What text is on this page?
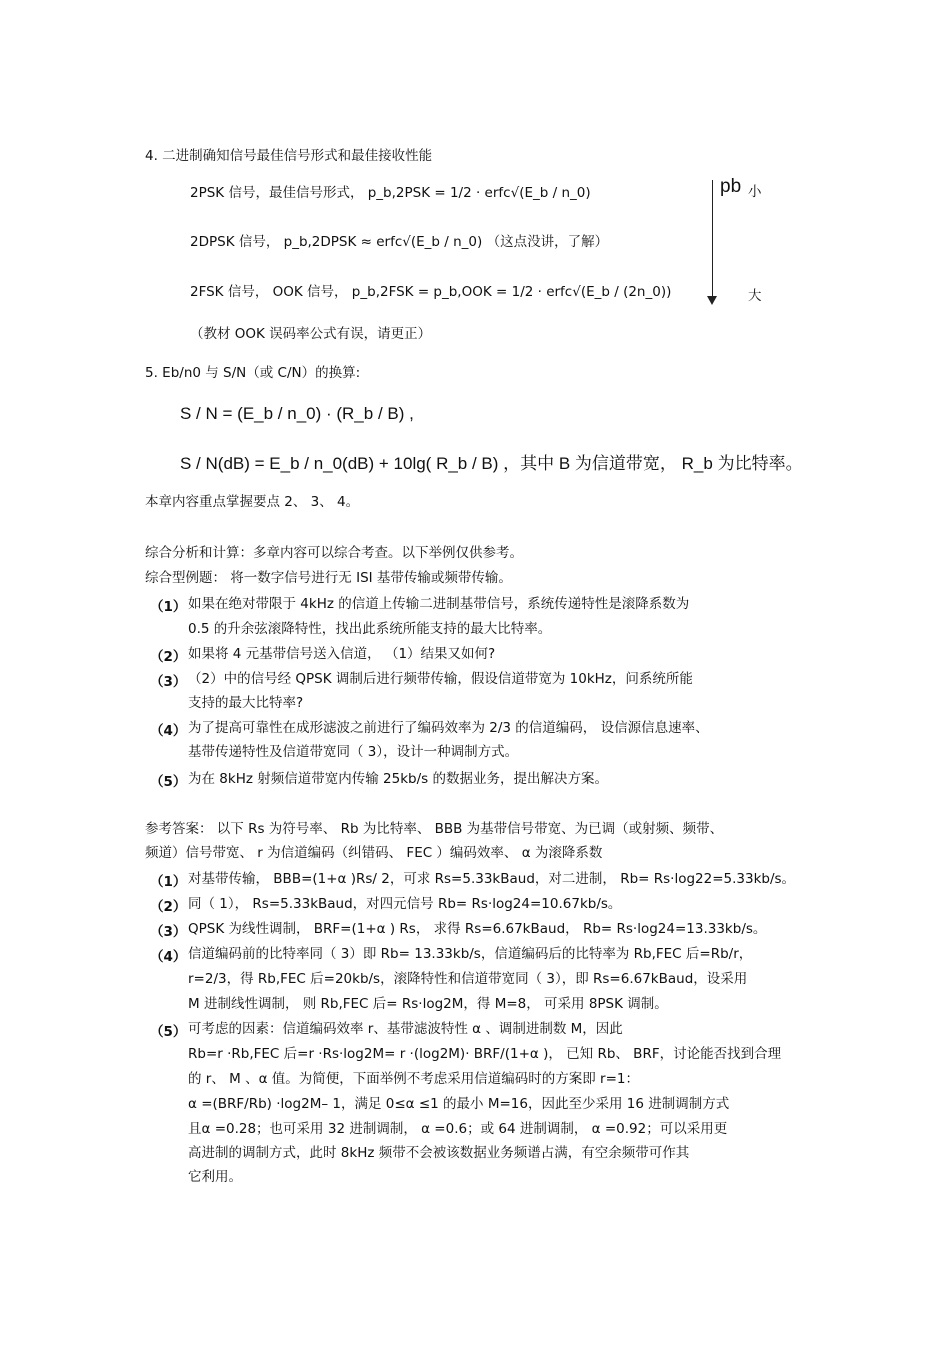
4. 二进制确知信号最佳信号形式和最佳接收性能
2PSK 信号，最佳信号形式， p_b,2PSK = 1/2 · erfc√(E_b / n_0)
2DPSK 信号， p_b,2DPSK ≈ erfc√(E_b / n_0) （这点没讲，了解）
2FSK 信号， OOK 信号， p_b,2FSK = p_b,OOK = 1/2 · erfc√(E_b / (2n_0))
（教材 OOK 误码率公式有误，请更正）
pb 小
大
5. Eb/n0 与 S/N（或 C/N）的换算:
S / N = (E_b / n_0) · (R_b / B) ,
S / N(dB) = E_b / n_0(dB) + 10lg( R_b / B) ，其中 B 为信道带宽， R_b 为比特率。
本章内容重点掌握要点 2、 3、 4。
综合分析和计算：多章内容可以综合考查。以下举例仅供参考。
综合型例题： 将一数字信号进行无 ISI 基带传输或频带传输。
（1） 如果在绝对带限于 4kHz 的信道上传输二进制基带信号，系统传递特性是滚降系数为
0.5 的升余弦滚降特性，找出此系统所能支持的最大比特率。
（2） 如果将 4 元基带信号送入信道， （1）结果又如何?
（3） （2）中的信号经 QPSK 调制后进行频带传输，假设信道带宽为 10kHz，问系统所能
支持的最大比特率?
（4） 为了提高可靠性在成形滤波之前进行了编码效率为 2/3 的信道编码， 设信源信息速率、
基带传递特性及信道带宽同（ 3），设计一种调制方式。
（5） 为在 8kHz 射频信道带宽内传输 25kb/s 的数据业务，提出解决方案。
参考答案： 以下 Rs 为符号率、 Rb 为比特率、 BBB 为基带信号带宽、为已调（或射频、频带、
频道）信号带宽、 r 为信道编码（纠错码、 FEC ）编码效率、 α 为滚降系数
（1） 对基带传输， BBB=(1+α )Rs/ 2，可求 Rs=5.33kBaud，对二进制， Rb= Rs·log22=5.33kb/s。
（2） 同（ 1）， Rs=5.33kBaud，对四元信号 Rb= Rs·log24=10.67kb/s。
（3） QPSK 为线性调制， BRF=(1+α ) Rs， 求得 Rs=6.67kBaud， Rb= Rs·log24=13.33kb/s。
（4） 信道编码前的比特率同（ 3）即 Rb= 13.33kb/s，信道编码后的比特率为 Rb,FEC 后=Rb/r，
r=2/3，得 Rb,FEC 后=20kb/s，滚降特性和信道带宽同（ 3），即 Rs=6.67kBaud，设采用
M 进制线性调制， 则 Rb,FEC 后= Rs·log2M，得 M=8， 可采用 8PSK 调制。
（5） 可考虑的因素：信道编码效率 r、基带滤波特性 α 、调制进制数 M，因此
Rb=r ·Rb,FEC 后=r ·Rs·log2M= r ·(log2M)· BRF/(1+α )， 已知 Rb、 BRF，讨论能否找到合理
的 r、 M 、α 值。为简便，下面举例不考虑采用信道编码时的方案即 r=1：
α =(BRF/Rb) ·log2M– 1，满足 0≤α ≤1 的最小 M=16，因此至少采用 16 进制调制方式
且α =0.28；也可采用 32 进制调制， α =0.6；或 64 进制调制， α =0.92；可以采用更
高进制的调制方式，此时 8kHz 频带不会被该数据业务频谱占满，有空余频带可作其
它利用。
